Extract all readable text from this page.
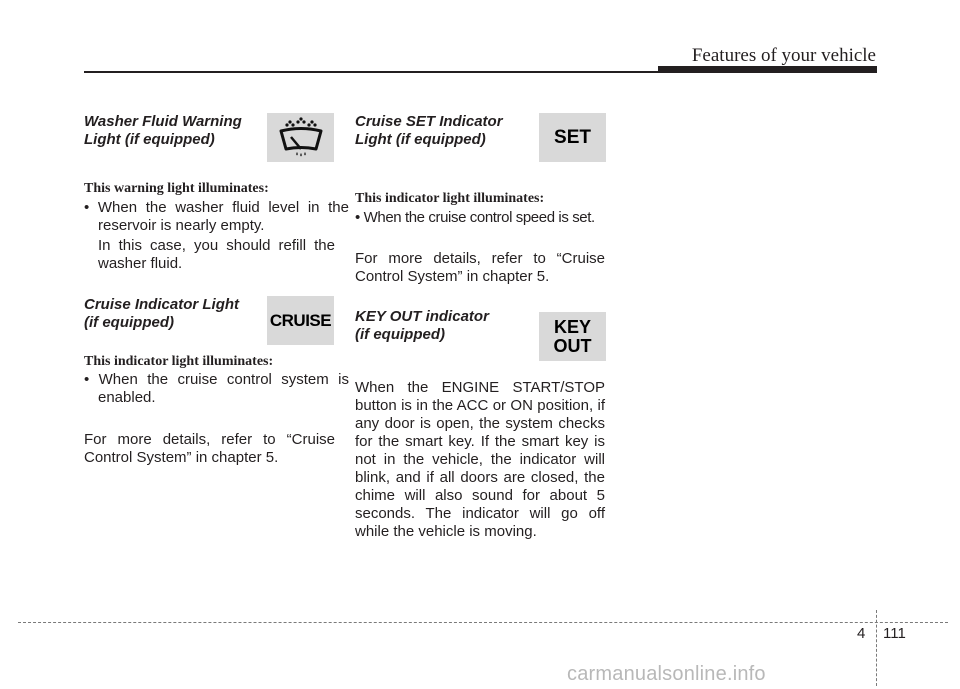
Features of your vehicle

Washer Fluid Warning
Light (if equipped)

This warning light illuminates:

• When the washer fluid level in the reservoir is nearly empty.

In this case, you should refill the washer fluid.

Cruise Indicator Light
(if equipped)	CRUISE

This indicator light illuminates:

• When the cruise control system is enabled.

For more details, refer to “Cruise Control System” in chapter 5.

Cruise SET Indicator
Light (if equipped)	SET

This indicator light illuminates:

• When the cruise control speed is set.

For more details, refer to “Cruise Control System” in chapter 5.

KEY OUT indicator
(if equipped)	KEY
OUT

When the ENGINE START/STOP button is in the ACC or ON position, if any door is open, the system checks for the smart key. If the smart key is not in the vehicle, the indicator will blink, and if all doors are closed, the chime will also sound for about 5 seconds. The indicator will go off while the vehicle is moving.

4 111
carmanualsonline.info
